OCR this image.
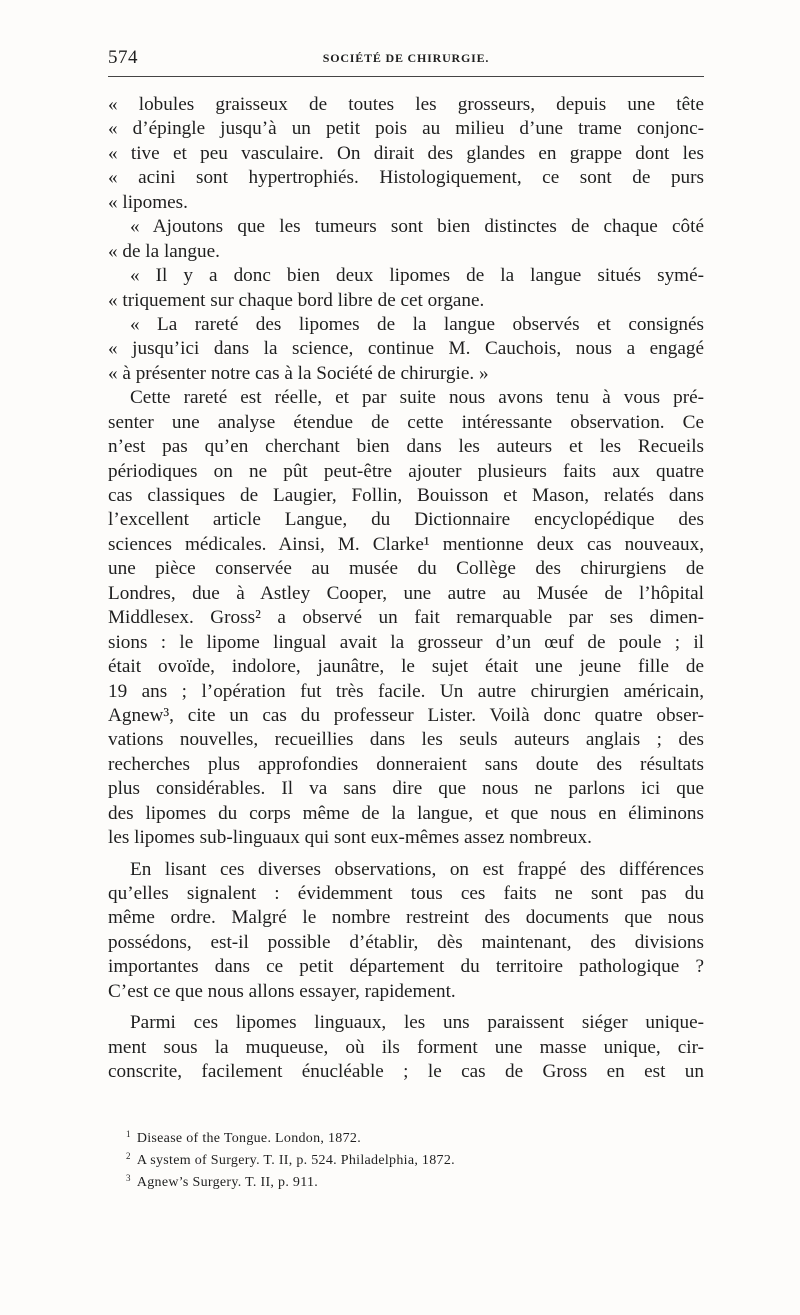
574	SOCIÉTÉ DE CHIRURGIE.
« lobules graisseux de toutes les grosseurs, depuis une tête
« d’épingle jusqu’à un petit pois au milieu d’une trame conjonc-
« tive et peu vasculaire. On dirait des glandes en grappe dont les
« acini sont hypertrophiés. Histologiquement, ce sont de purs
« lipomes.
« Ajoutons que les tumeurs sont bien distinctes de chaque côté
« de la langue.
« Il y a donc bien deux lipomes de la langue situés symé-
« triquement sur chaque bord libre de cet organe.
« La rareté des lipomes de la langue observés et consignés
« jusqu’ici dans la science, continue M. Cauchois, nous a engagé
« à présenter notre cas à la Société de chirurgie. »
Cette rareté est réelle, et par suite nous avons tenu à vous pré-
senter une analyse étendue de cette intéressante observation. Ce
n’est pas qu’en cherchant bien dans les auteurs et les Recueils
périodiques on ne pût peut-être ajouter plusieurs faits aux quatre
cas classiques de Laugier, Follin, Bouisson et Mason, relatés dans
l’excellent article Langue, du Dictionnaire encyclopédique des
sciences médicales. Ainsi, M. Clarke¹ mentionne deux cas nouveaux,
une pièce conservée au musée du Collège des chirurgiens de
Londres, due à Astley Cooper, une autre au Musée de l’hôpital
Middlesex. Gross² a observé un fait remarquable par ses dimen-
sions : le lipome lingual avait la grosseur d’un œuf de poule ; il
était ovoïde, indolore, jaunâtre, le sujet était une jeune fille de
19 ans ; l’opération fut très facile. Un autre chirurgien américain,
Agnew³, cite un cas du professeur Lister. Voilà donc quatre obser-
vations nouvelles, recueillies dans les seuls auteurs anglais ; des
recherches plus approfondies donneraient sans doute des résultats
plus considérables. Il va sans dire que nous ne parlons ici que
des lipomes du corps même de la langue, et que nous en éliminons
les lipomes sub-linguaux qui sont eux-mêmes assez nombreux.
En lisant ces diverses observations, on est frappé des différences
qu’elles signalent : évidemment tous ces faits ne sont pas du
même ordre. Malgré le nombre restreint des documents que nous
possédons, est-il possible d’établir, dès maintenant, des divisions
importantes dans ce petit département du territoire pathologique ?
C’est ce que nous allons essayer, rapidement.
Parmi ces lipomes linguaux, les uns paraissent siéger unique-
ment sous la muqueuse, où ils forment une masse unique, cir-
conscrite, facilement énucléable ; le cas de Gross en est un
$^1$ Disease of the Tongue. London, 1872.
$^2$ A system of Surgery. T. II, p. 524. Philadelphia, 1872.
$^3$ Agnew’s Surgery. T. II, p. 911.
